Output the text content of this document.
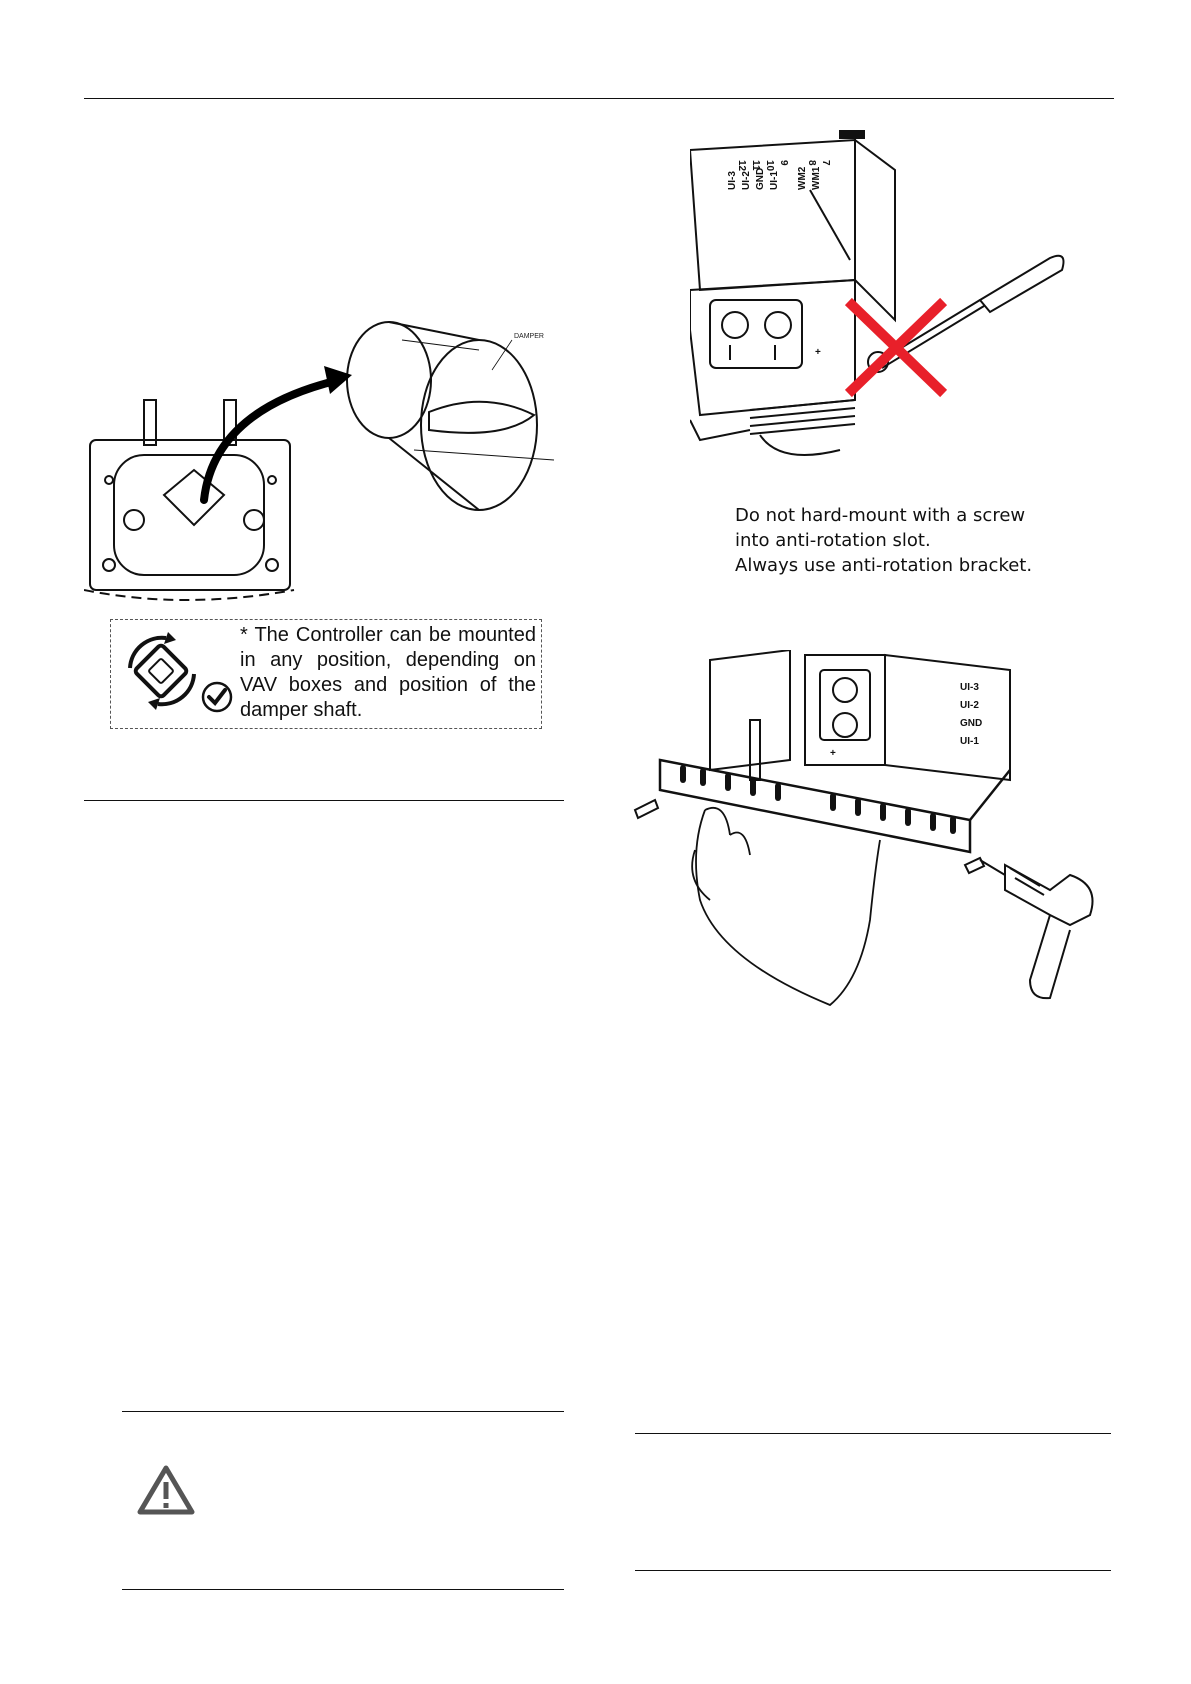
DAMPER
* The Controller can be mounted
in any position, depending on
VAV boxes and position of the
damper shaft.
+
UI-3 UI-2 GND UI-1 WM2 WM1
12 11 10 9 8 7
Do not hard-mount with a screw
into anti-rotation slot.
Always use anti-rotation bracket.
UI-3
UI-2
GND
UI-1
+
